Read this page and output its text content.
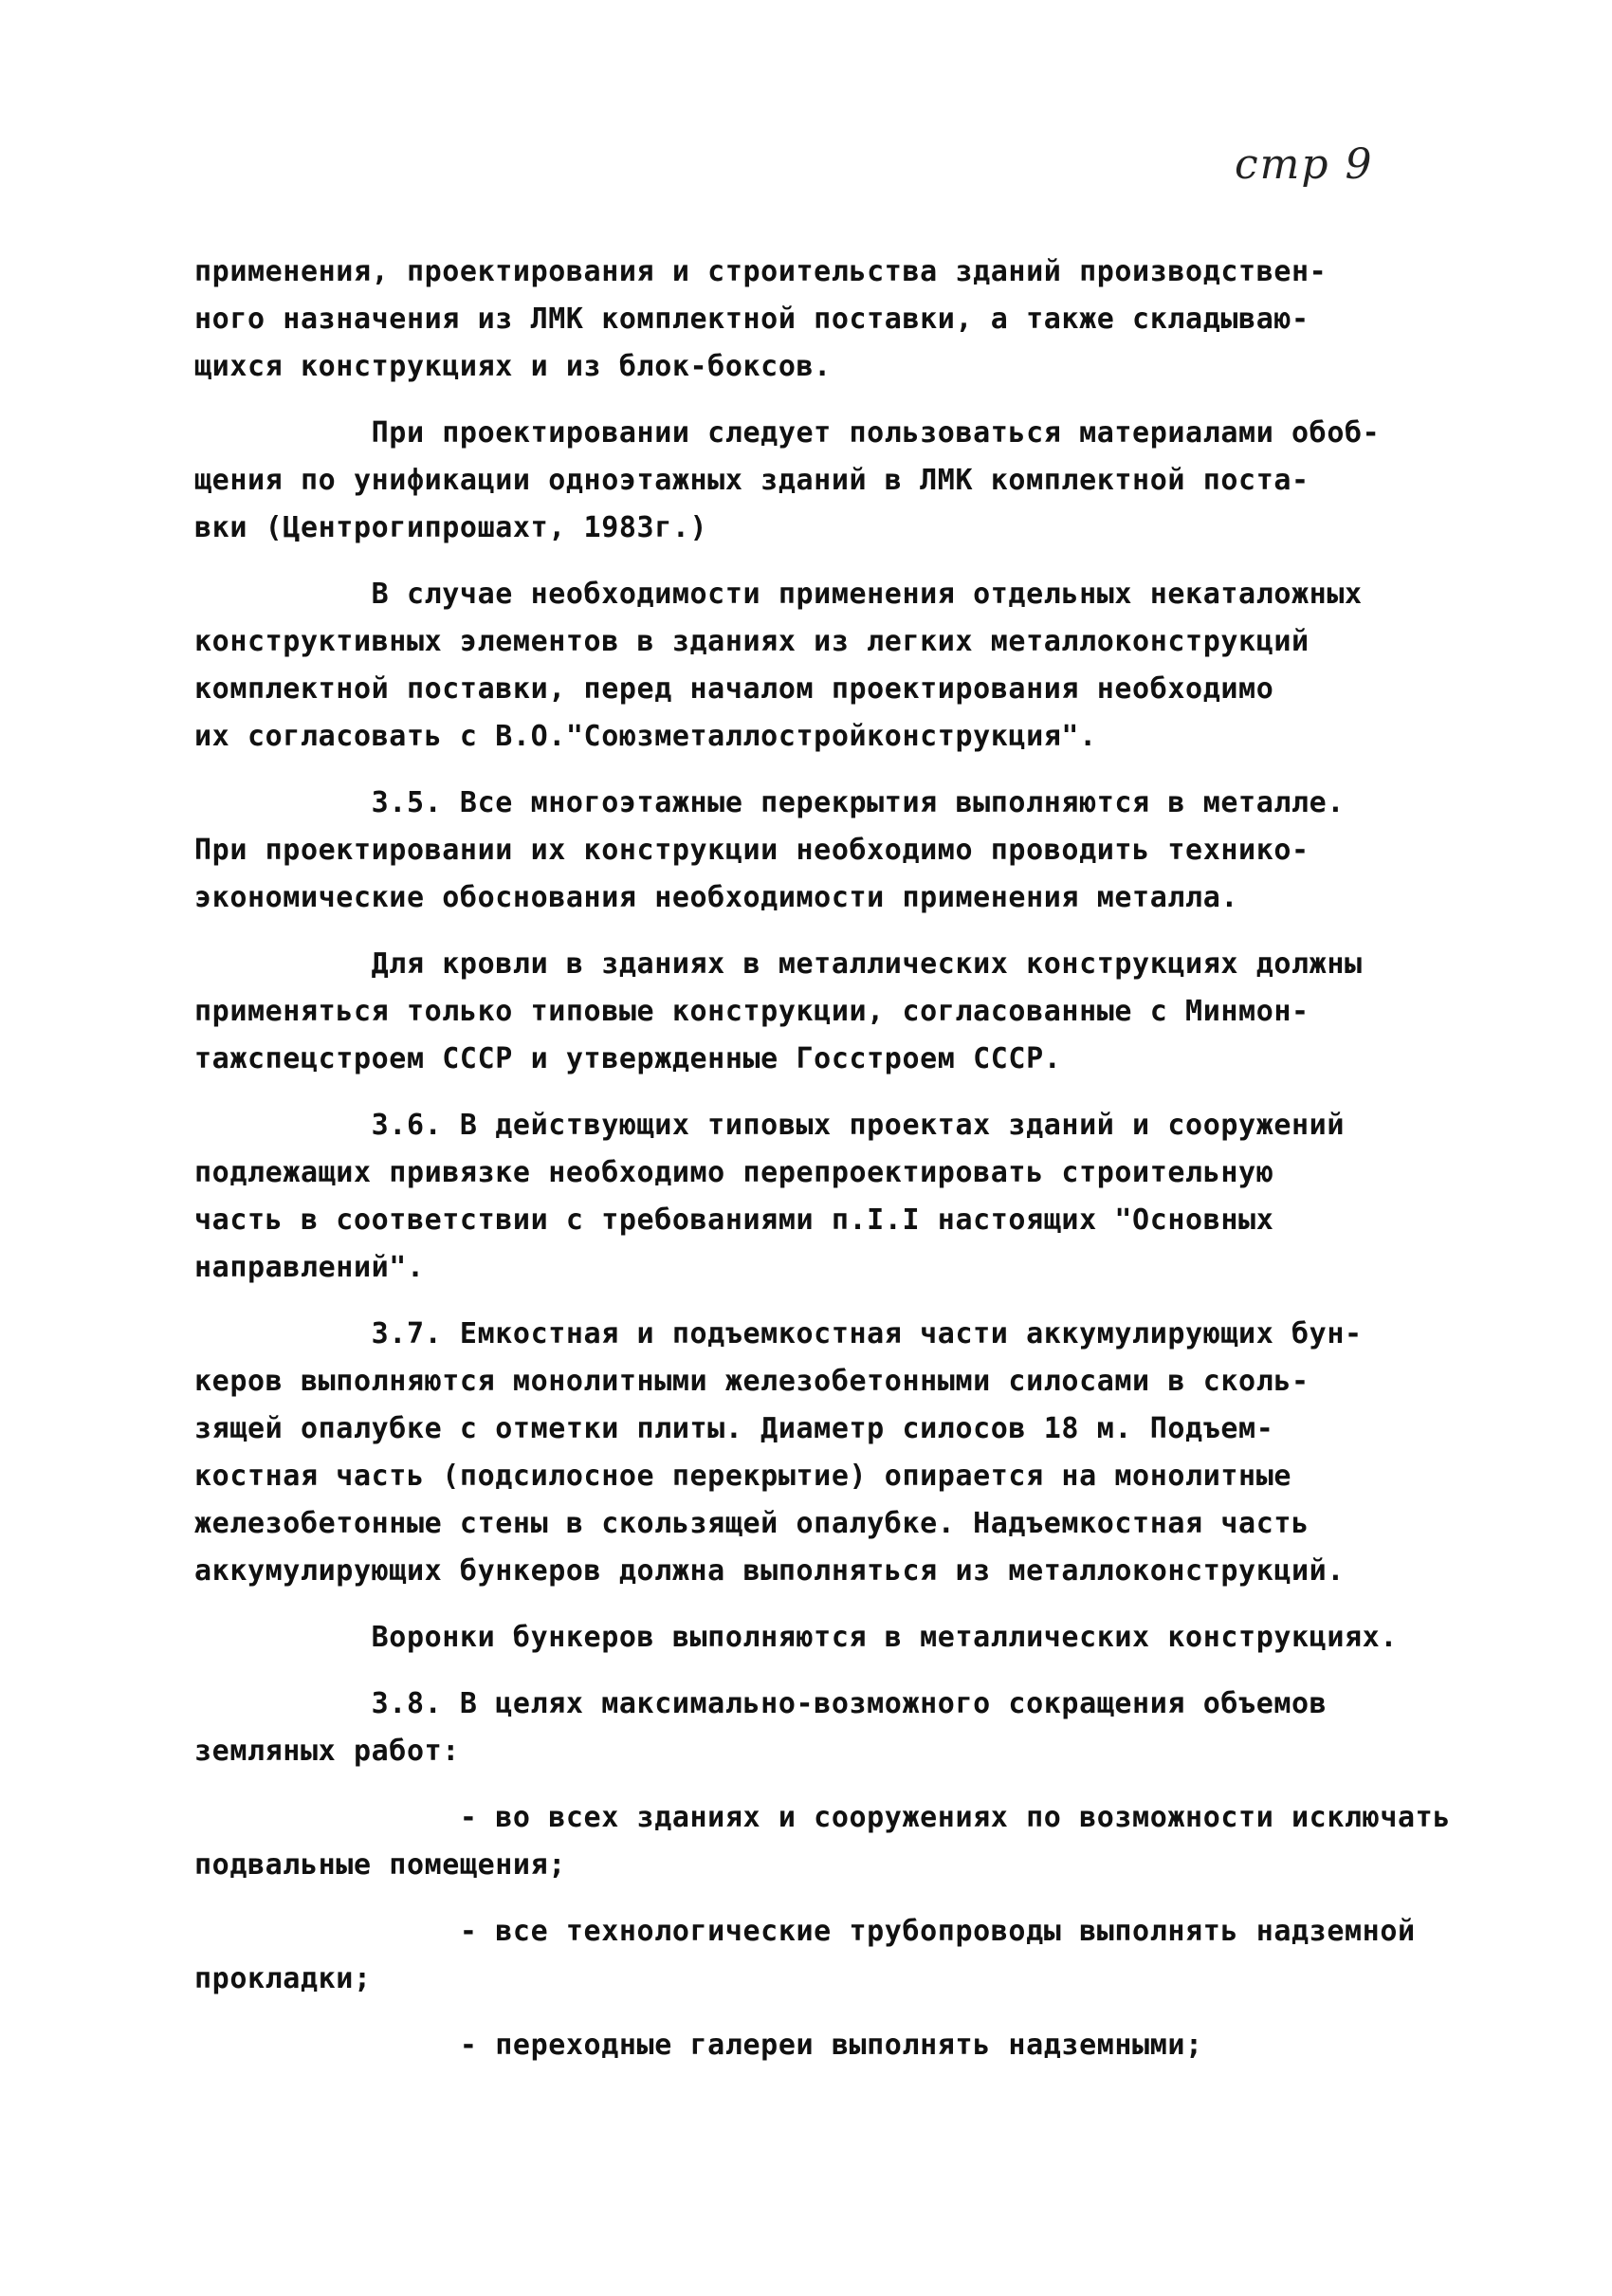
стр 9
применения, проектирования и строительства зданий производствен-
ного назначения из ЛМК комплектной поставки, а также складываю-
щихся конструкциях и из блок-боксов.
При проектировании следует пользоваться материалами обоб-
щения по унификации одноэтажных зданий в ЛМК комплектной поста-
вки (Центрогипрошахт, 1983г.)
В случае необходимости применения отдельных некаталожных
конструктивных элементов в зданиях из легких металлоконструкций
комплектной поставки, перед началом проектирования необходимо
их согласовать с В.О."Союзметаллостройконструкция".
3.5. Все многоэтажные перекрытия выполняются в металле.
При проектировании их конструкции необходимо проводить технико-
экономические обоснования необходимости применения металла.
Для кровли в зданиях в металлических конструкциях должны
применяться только типовые конструкции, согласованные с Минмон-
тажспецстроем СССР и утвержденные Госстроем СССР.
3.6. В действующих типовых проектах зданий и сооружений
подлежащих привязке необходимо перепроектировать строительную
часть в соответствии с требованиями п.I.I настоящих "Основных
направлений".
3.7. Емкостная и подъемкостная части аккумулирующих бун-
керов выполняются монолитными железобетонными силосами в сколь-
зящей опалубке с отметки плиты. Диаметр силосов 18 м. Подъем-
костная часть (подсилосное перекрытие) опирается на монолитные
железобетонные стены в скользящей опалубке. Надъемкостная часть
аккумулирующих бункеров должна выполняться из металлоконструкций.
Воронки бункеров выполняются в металлических конструкциях.
3.8. В целях максимально-возможного сокращения объемов
земляных работ:
- во всех зданиях и сооружениях по возможности исключать
подвальные помещения;
- все технологические трубопроводы выполнять надземной
прокладки;
- переходные галереи выполнять надземными;
